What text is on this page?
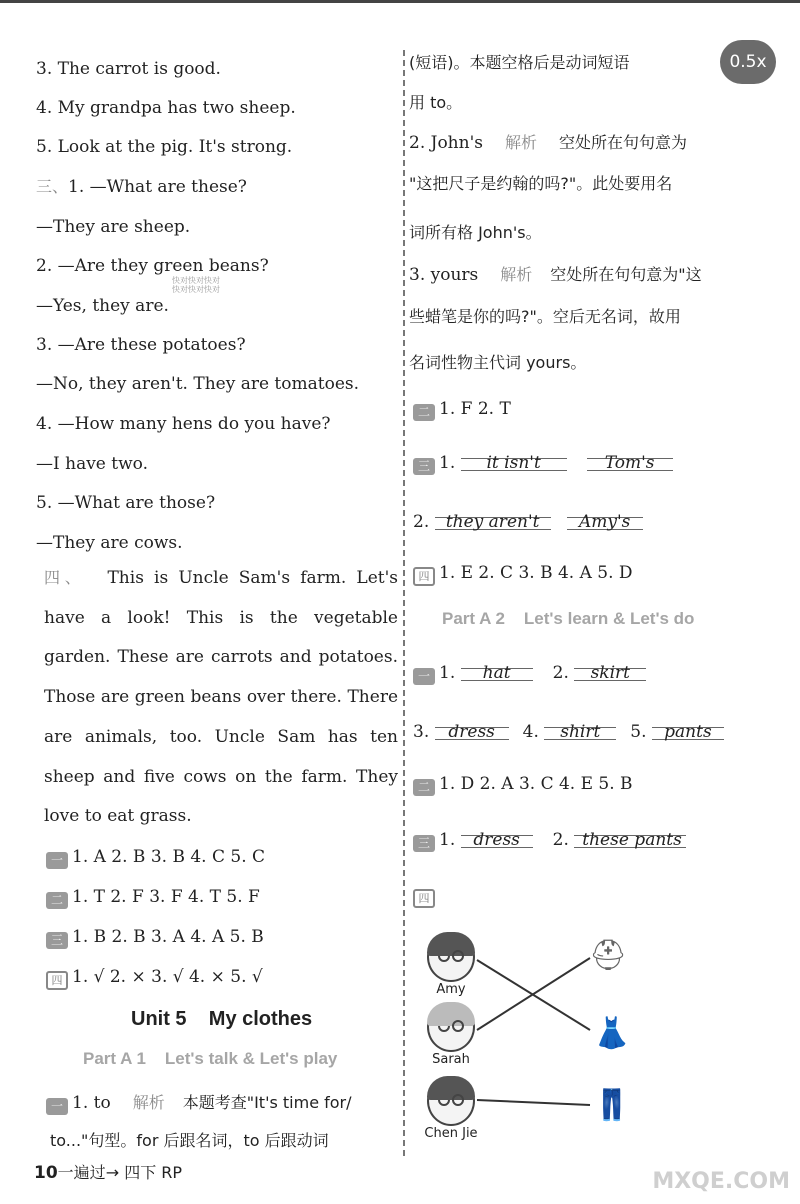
3. The carrot is good.
4. My grandpa has two sheep.
5. Look at the pig. It's strong.
三、1. —What are these?
—They are sheep.
快对快对快对
快对快对快对
2. —Are they green beans?
—Yes, they are.
3. —Are these potatoes?
—No, they aren't. They are tomatoes.
4. —How many hens do you have?
—I have two.
5. —What are those?
—They are cows.
四、 This is Uncle Sam's farm. Let's have a look! This is the vegetable garden. These are carrots and potatoes. Those are green beans over there. There are animals, too. Uncle Sam has ten sheep and five cows on the farm. They love to eat grass.
一 1. A 2. B 3. B 4. C 5. C
二 1. T 2. F 3. F 4. T 5. F
三 1. B 2. B 3. A 4. A 5. B
四 1. √ 2. × 3. √ 4. × 5. √
Unit 5    My clothes
Part A 1    Let's talk & Let's play
一 1. to 解析 本题考查"It's time for/
to..."句型。for 后跟名词，to 后跟动词
(短语)。本题空格后是动词短语
用 to。
2. John's 解析 空处所在句句意为
"这把尺子是约翰的吗?"。此处要用名
词所有格 John's。
3. yours 解析 空处所在句句意为"这
些蜡笔是你的吗?"。空后无名词，故用
名词性物主代词 yours。
二 1. F 2. T
三 1. it isn't	Tom's
2. they aren't Amy's
四 1. E 2. C 3. B 4. A 5. D
Part A 2    Let's learn & Let's do
一 1. hat 2. skirt
3. dress 4. shirt 5. pants
二 1. D 2. A 3. C 4. E 5. B
三 1. dress 2. these pants
四
Amy
Sarah
Chen Jie
⛑
👗
👖
0.5x
10一遍过→ 四下 RP	MXQE.COM
